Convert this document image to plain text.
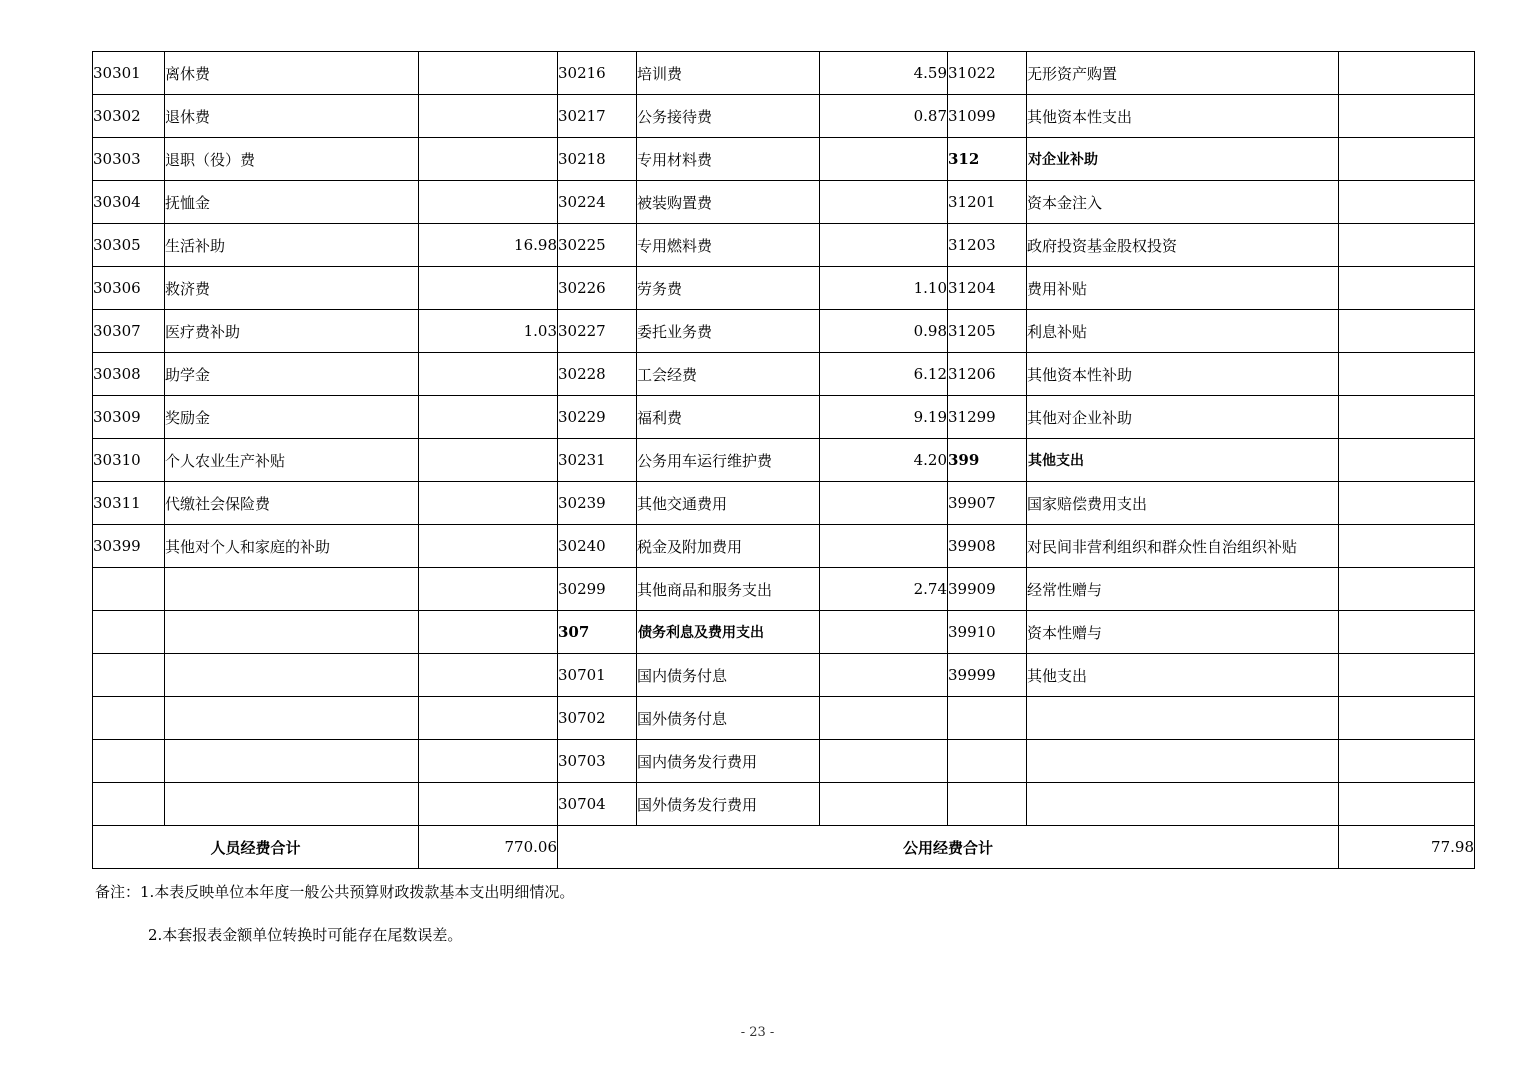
30301	离休费		30216	培训费	4.59	31022	无形资产购置	
30302	退休费		30217	公务接待费	0.87	31099	其他资本性支出	
30303	退职（役）费		30218	专用材料费		312	对企业补助	
30304	抚恤金		30224	被装购置费		31201	资本金注入	
30305	生活补助	16.98	30225	专用燃料费		31203	政府投资基金股权投资	
30306	救济费		30226	劳务费	1.10	31204	费用补贴	
30307	医疗费补助	1.03	30227	委托业务费	0.98	31205	利息补贴	
30308	助学金		30228	工会经费	6.12	31206	其他资本性补助	
30309	奖励金		30229	福利费	9.19	31299	其他对企业补助	
30310	个人农业生产补贴		30231	公务用车运行维护费	4.20	399	其他支出	
30311	代缴社会保险费		30239	其他交通费用		39907	国家赔偿费用支出	
30399	其他对个人和家庭的补助		30240	税金及附加费用		39908	对民间非营利组织和群众性自治组织补贴	
			30299	其他商品和服务支出	2.74	39909	经常性赠与	
			307	债务利息及费用支出		39910	资本性赠与	
			30701	国内债务付息		39999	其他支出	
			30702	国外债务付息				
			30703	国内债务发行费用				
			30704	国外债务发行费用				
人员经费合计		770.06	公用经费合计					77.98
备注：1.本表反映单位本年度一般公共预算财政拨款基本支出明细情况。
2.本套报表金额单位转换时可能存在尾数误差。
- 23 -
